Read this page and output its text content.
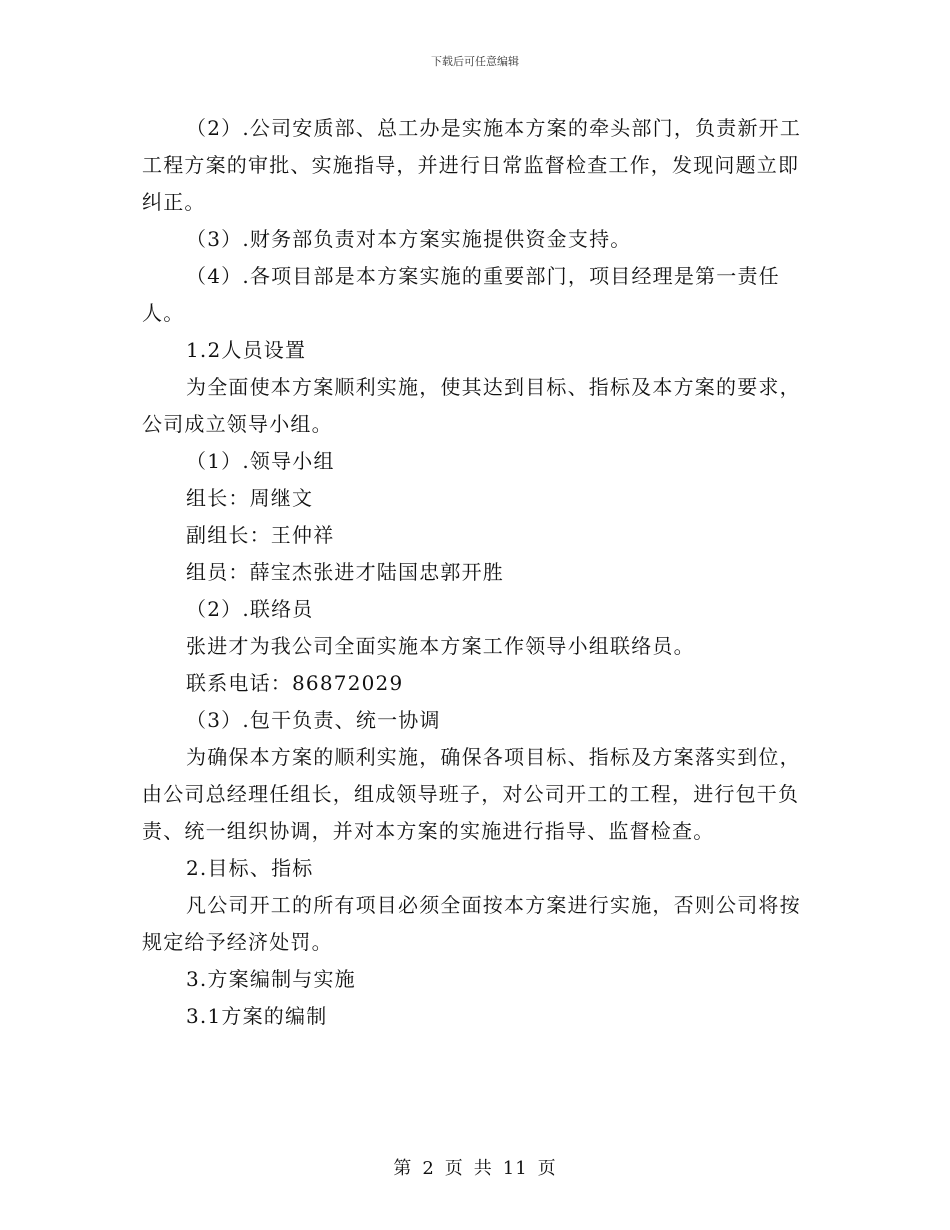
下载后可任意编辑

（2）.公司安质部、总工办是实施本方案的牵头部门，负责新开工工程方案的审批、实施指导，并进行日常监督检查工作，发现问题立即纠正。

（3）.财务部负责对本方案实施提供资金支持。

（4）.各项目部是本方案实施的重要部门，项目经理是第一责任人。

1.2人员设置

为全面使本方案顺利实施，使其达到目标、指标及本方案的要求，公司成立领导小组。

（1）.领导小组

组长：周继文

副组长：王仲祥

组员：薛宝杰张进才陆国忠郭开胜

（2）.联络员

张进才为我公司全面实施本方案工作领导小组联络员。

联系电话：86872029

（3）.包干负责、统一协调

为确保本方案的顺利实施，确保各项目标、指标及方案落实到位，由公司总经理任组长，组成领导班子，对公司开工的工程，进行包干负责、统一组织协调，并对本方案的实施进行指导、监督检查。

2.目标、指标

凡公司开工的所有项目必须全面按本方案进行实施，否则公司将按规定给予经济处罚。

3.方案编制与实施

3.1方案的编制

第 2 页 共 11 页
